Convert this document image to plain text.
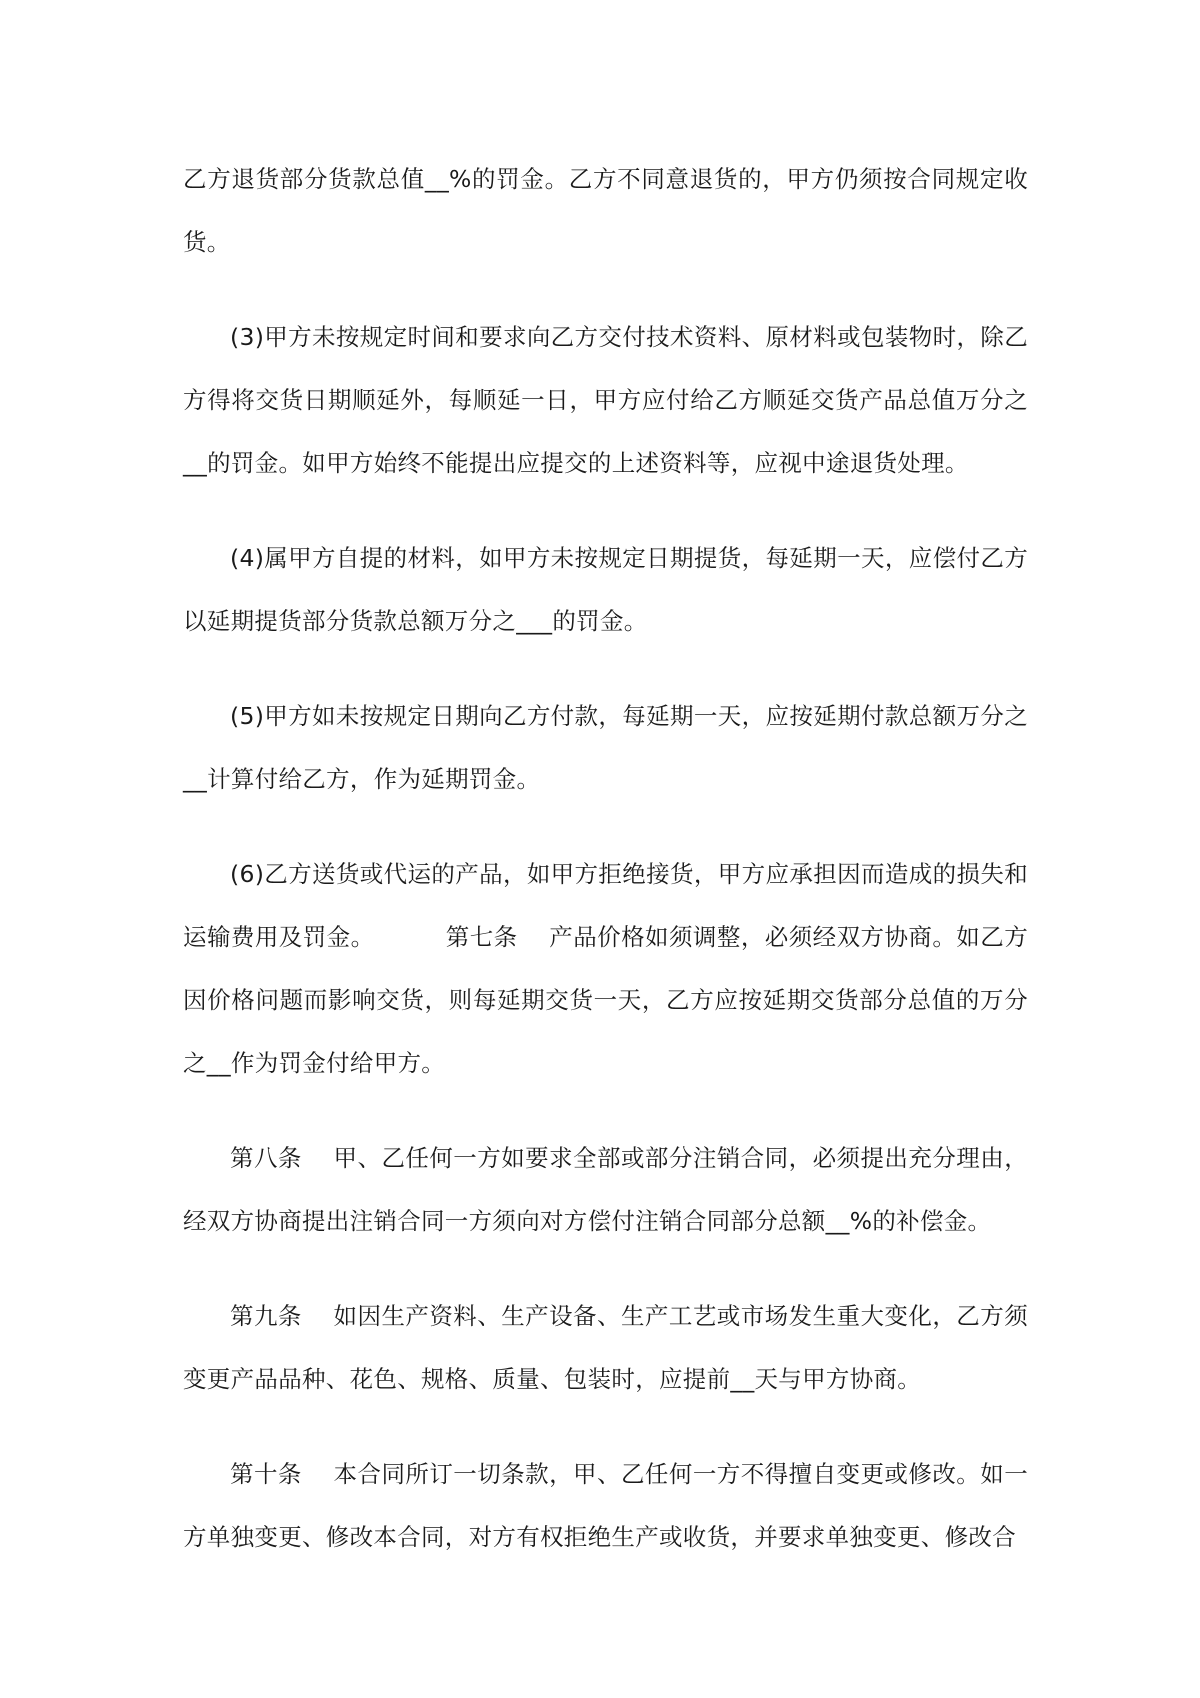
乙方退货部分货款总值__%的罚金。乙方不同意退货的，甲方仍须按合同规定收货。

(3)甲方未按规定时间和要求向乙方交付技术资料、原材料或包装物时，除乙方得将交货日期顺延外，每顺延一日，甲方应付给乙方顺延交货产品总值万分之__的罚金。如甲方始终不能提出应提交的上述资料等，应视中途退货处理。

(4)属甲方自提的材料，如甲方未按规定日期提货，每延期一天，应偿付乙方以延期提货部分货款总额万分之___的罚金。

(5)甲方如未按规定日期向乙方付款，每延期一天，应按延期付款总额万分之__计算付给乙方，作为延期罚金。

(6)乙方送货或代运的产品，如甲方拒绝接货，甲方应承担因而造成的损失和运输费用及罚金。         第七条    产品价格如须调整，必须经双方协商。如乙方因价格问题而影响交货，则每延期交货一天，乙方应按延期交货部分总值的万分之__作为罚金付给甲方。

第八条    甲、乙任何一方如要求全部或部分注销合同，必须提出充分理由，经双方协商提出注销合同一方须向对方偿付注销合同部分总额__%的补偿金。

第九条    如因生产资料、生产设备、生产工艺或市场发生重大变化，乙方须变更产品品种、花色、规格、质量、包装时，应提前__天与甲方协商。

第十条    本合同所订一切条款，甲、乙任何一方不得擅自变更或修改。如一方单独变更、修改本合同，对方有权拒绝生产或收货，并要求单独变更、修改合
